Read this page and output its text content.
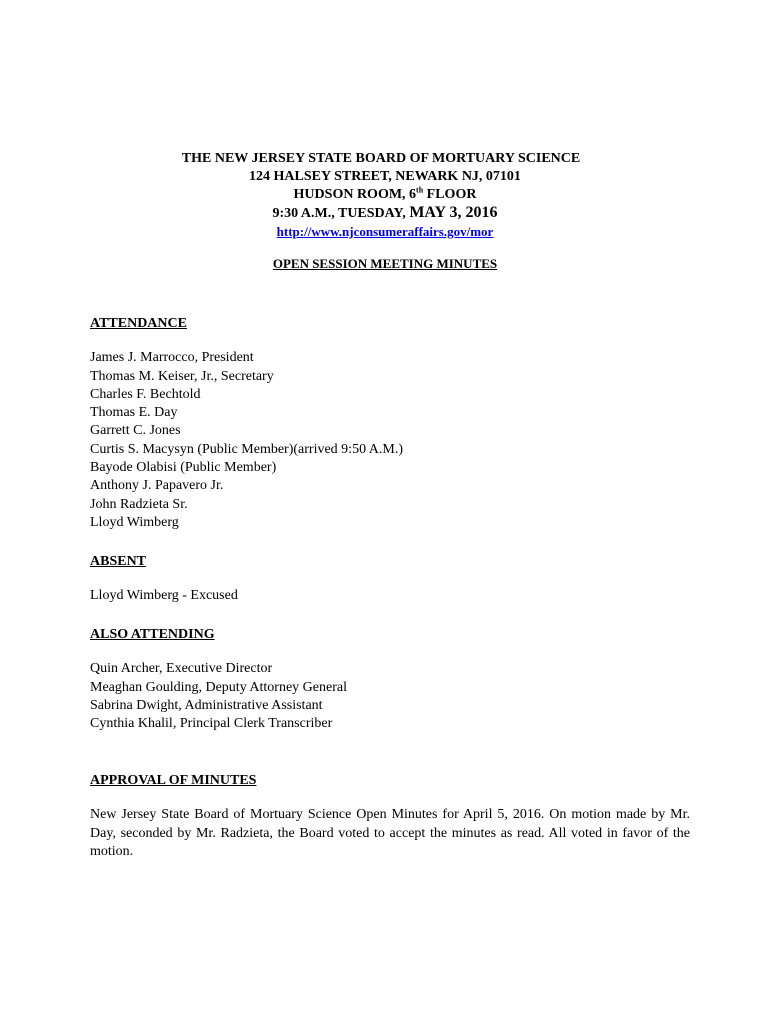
THE NEW JERSEY STATE BOARD OF MORTUARY SCIENCE
124 HALSEY STREET, NEWARK NJ, 07101
HUDSON ROOM, 6th FLOOR
9:30 A.M., TUESDAY, MAY 3, 2016
http://www.njconsumeraffairs.gov/mor
OPEN SESSION MEETING MINUTES
ATTENDANCE
James J. Marrocco, President
Thomas M. Keiser, Jr., Secretary
Charles F. Bechtold
Thomas E. Day
Garrett C. Jones
Curtis S. Macysyn (Public Member)(arrived 9:50 A.M.)
Bayode Olabisi (Public Member)
Anthony J. Papavero Jr.
John Radzieta Sr.
Lloyd Wimberg
ABSENT
Lloyd Wimberg - Excused
ALSO ATTENDING
Quin Archer, Executive Director
Meaghan Goulding, Deputy Attorney General
Sabrina Dwight, Administrative Assistant
Cynthia Khalil, Principal Clerk Transcriber
APPROVAL OF MINUTES
New Jersey State Board of Mortuary Science Open Minutes for April 5, 2016. On motion made by Mr. Day, seconded by Mr. Radzieta, the Board voted to accept the minutes as read. All voted in favor of the motion.
